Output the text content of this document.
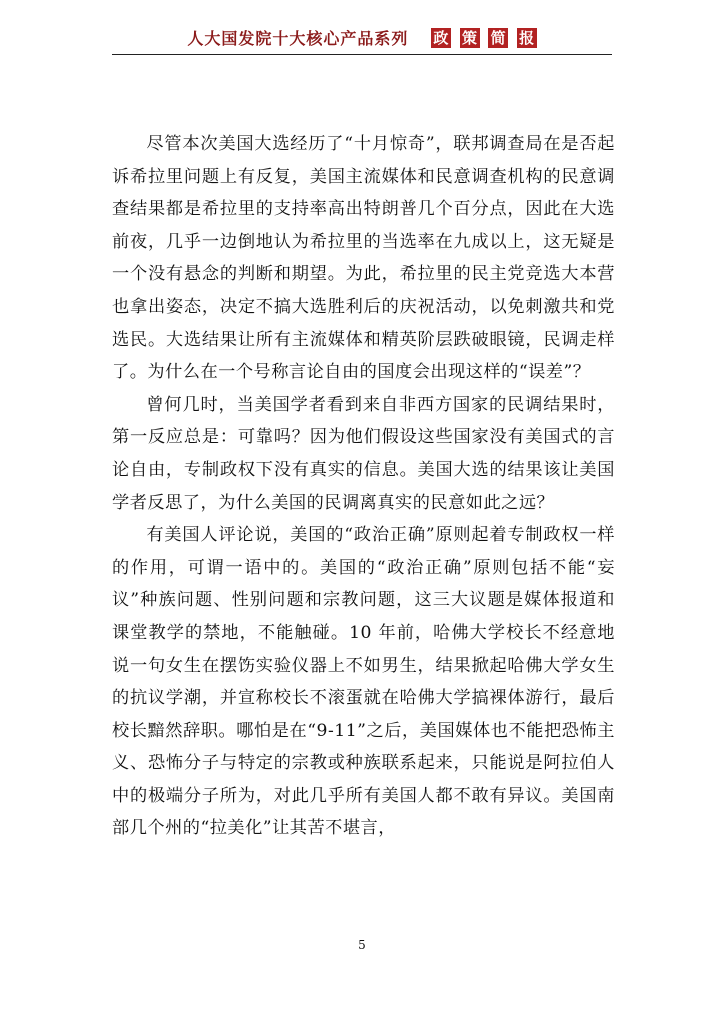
人大国发院十大核心产品系列 政 策 简 报

尽管本次美国大选经历了“十月惊奇”，联邦调查局在是否起诉希拉里问题上有反复，美国主流媒体和民意调查机构的民意调查结果都是希拉里的支持率高出特朗普几个百分点，因此在大选前夜，几乎一边倒地认为希拉里的当选率在九成以上，这无疑是一个没有悬念的判断和期望。为此，希拉里的民主党竞选大本营也拿出姿态，决定不搞大选胜利后的庆祝活动，以免刺激共和党选民。大选结果让所有主流媒体和精英阶层跌破眼镜，民调走样了。为什么在一个号称言论自由的国度会出现这样的“误差”？

曾何几时，当美国学者看到来自非西方国家的民调结果时，第一反应总是：可靠吗？因为他们假设这些国家没有美国式的言论自由，专制政权下没有真实的信息。美国大选的结果该让美国学者反思了，为什么美国的民调离真实的民意如此之远？

有美国人评论说，美国的“政治正确”原则起着专制政权一样的作用，可谓一语中的。美国的“政治正确”原则包括不能“妄议”种族问题、性别问题和宗教问题，这三大议题是媒体报道和课堂教学的禁地，不能触碰。10 年前，哈佛大学校长不经意地说一句女生在摆饬实验仪器上不如男生，结果掀起哈佛大学女生的抗议学潮，并宣称校长不滚蛋就在哈佛大学搞裸体游行，最后校长黯然辞职。哪怕是在“9-11”之后，美国媒体也不能把恐怖主义、恐怖分子与特定的宗教或种族联系起来，只能说是阿拉伯人中的极端分子所为，对此几乎所有美国人都不敢有异议。美国南部几个州的“拉美化”让其苦不堪言，

5
